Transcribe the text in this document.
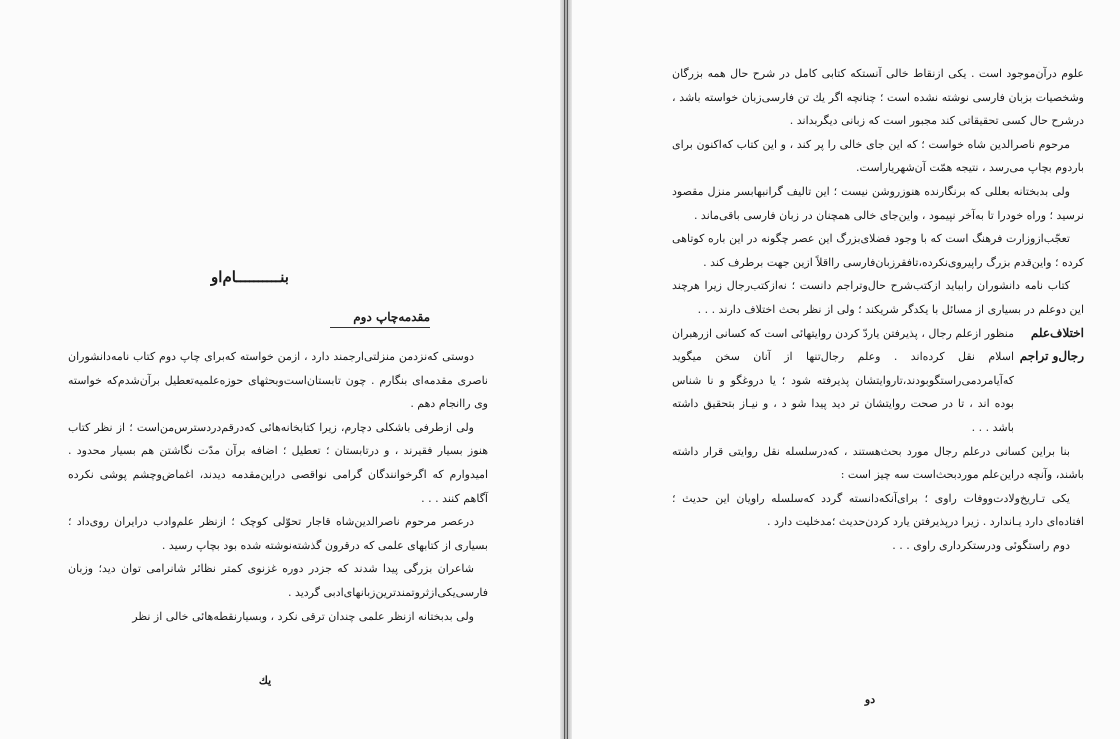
بنــــــــــام‌او
مقدمه‌چاپ دوم

دوستی که‌نزدمن منزلتی‌ارجمند دارد ، ازمن خواسته که‌برای چاپ دوم کتاب نامه‌دانشوران ناصری مقدمه‌ای بنگارم . چون تابستان‌است‌وبحثهای حوزه‌علمیه‌تعطیل برآن‌شدم‌که خواسته وی راانجام دهم .

ولی ازطرفی باشکلی دچارم، زیرا کتابخانه‌هائی که‌درقم‌دردسترس‌من‌است ؛ از نظر کتاب هنوز بسیار فقیرند ، و درتابستان ؛ تعطیل ؛ اضافه برآن مدّت نگاشتن هم بسیار محدود . امیدوارم که اگرخوانندگان گرامی نواقصی دراین‌مقدمه دیدند، اغماض‌وچشم پوشی نکرده آگاهم کنند . . .

درعصر مرحوم ناصرالدین‌شاه قاجار تحوّلی کوچک ؛ ازنظر علم‌وادب درایران روی‌داد ؛بسیاری از کتابهای علمی که درقرون گذشته‌نوشته شده بود بچاپ رسید .

شاعران بزرگی پیدا شدند که جزدر دوره غزنوی کمتر نظائر شانرامی توان دید؛ وزبان فارسی‌یکی‌ازثروتمندترین‌زبانهای‌ادبی گردید .

ولی بدبختانه ازنظر علمی چندان ترقی نکرد ، وبسیارنقطه‌هائی خالی از نظر

یك

علوم درآن‌موجود است . یکی ازنقاط خالی آنستکه کتابی کامل در شرح حال همه بزرگان وشخصیات بزبان فارسی نوشته نشده است ؛ چنانچه اگر یك تن فارسی‌زبان خواسته باشد ، درشرح حال کسی تحقیقاتی کند مجبور است که زبانی دیگربداند .

مرحوم ناصرالدین شاه خواست ؛ که این جای خالی را پر کند ، و این کتاب که‌اکنون برای باردوم بچاپ می‌رسد ، نتیجه همّت آن‌شهریاراست.

ولی بدبختانه بعللی که برنگارنده هنوزروشن نیست ؛ این تالیف گرانبهابسر منزل مقصود نرسید ؛ وراه خودرا تا به‌آخر نپیمود ، واین‌جای خالی همچنان در زبان فارسی باقی‌ماند .

تعجّب‌ازوزارت فرهنگ است که با وجود فضلای‌بزرگ این عصر چگونه در این باره کوتاهی کرده ؛ واین‌قدم بزرگ راپیروی‌نکرده،تافقرزبان‌فارسی رااقلاً ازین جهت برطرف کند .

کتاب نامه دانشوران رابباید ازکتب‌شرح حال‌وتراجم دانست ؛ نه‌ازکتب‌رجال زیرا هرچند این دوعلم در بسیاری از مسائل با یکدگر شریکند ؛ ولی از نظر بحث اختلاف دارند . . .

اختلاف‌علم
رجال‌و تراجم
منظور ازعلم رجال ، پذیرفتن یاردّ کردن روایتهائی است که کسانی ازرهبران اسلام نقل کرده‌اند . وعلم رجال‌تنها از آنان سخن میگوید که‌آیامردمی‌راستگوبودند،تاروایتشان پذیرفته شود ؛ یا دروغگو و نا شناس بوده اند ، تا در صحت روایتشان تر دید پیدا شو د ، و نیـاز بتحقیق داشته باشد . . .

بنا براین کسانی درعلم رجال مورد بحث‌هستند ، که‌درسلسله نقل روایتی قرار داشته باشند، وآنچه دراین‌علم موردبحث‌است سه چیز است :

یکی تـاریخ‌ولادت‌ووفات راوی ؛ برای‌آنکه‌دانسته گردد که‌سلسله راویان این حدیث ؛ افتاده‌ای دارد یـاندارد . زیرا درپذیرفتن یارد کردن‌حدیث ؛مدخلیت دارد .

دوم راستگوئی ودرستکرداری راوی . . .

دو
